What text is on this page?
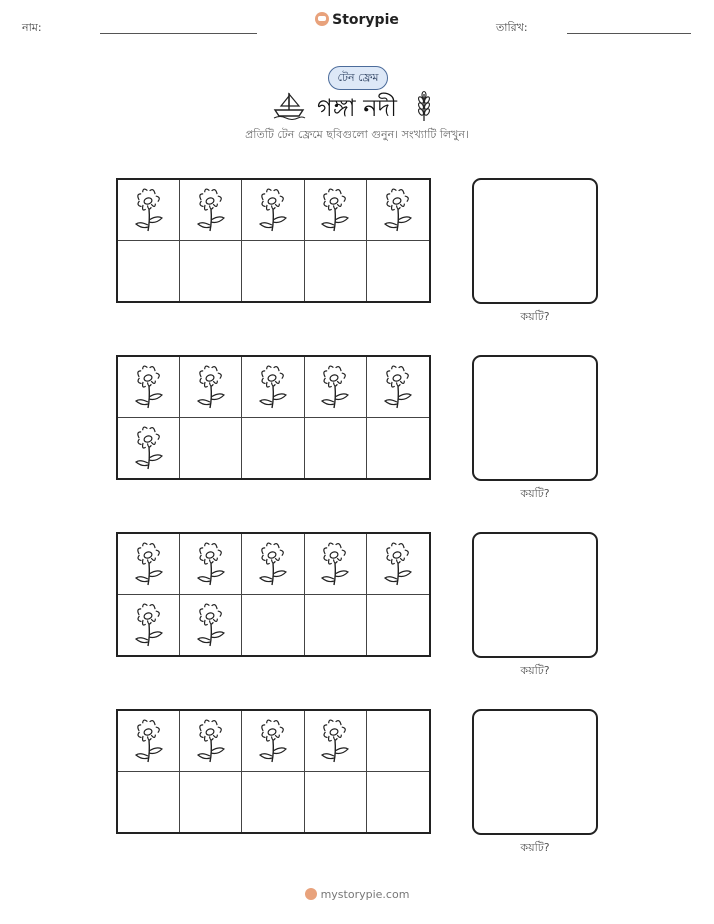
নাম:	Storypie	তারিখ:
টেন ফ্রেম
গঙ্গা নদী
প্রতিটি টেন ফ্রেমে ছবিগুলো গুনুন। সংখ্যাটি লিখুন।
কয়টি?
কয়টি?
কয়টি?
কয়টি?
mystorypie.com
